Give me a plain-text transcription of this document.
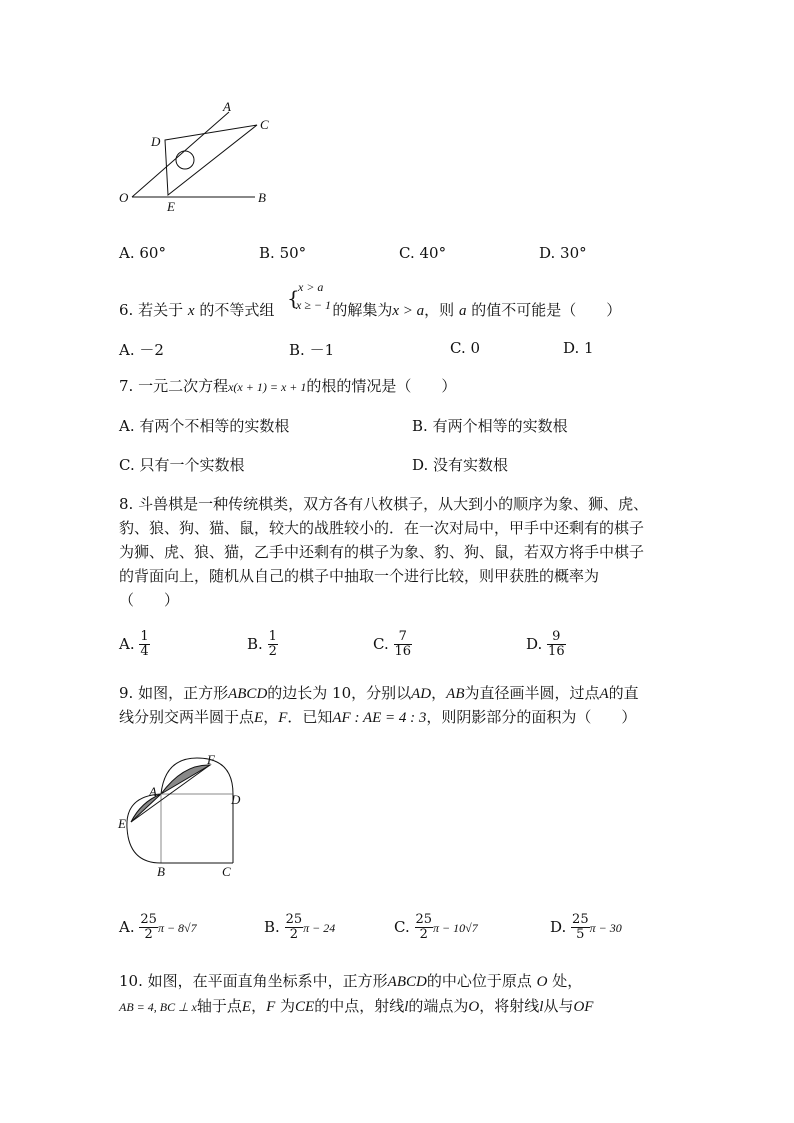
A
C
D
O
E
B
A. 60°	B. 50°	C. 40°	D. 30°
6. 若关于 x 的不等式组	的解集为x > a，则 a 的值不可能是（　　）
{
x > a
x ≥ − 1
A. －2	B. －1	C. 0	D. 1
7. 一元二次方程x(x + 1) = x + 1的根的情况是（　　）
A. 有两个不相等的实数根	B. 有两个相等的实数根
C. 只有一个实数根	D. 没有实数根
8. 斗兽棋是一种传统棋类，双方各有八枚棋子，从大到小的顺序为象、狮、虎、
豹、狼、狗、猫、鼠，较大的战胜较小的．在一次对局中，甲手中还剩有的棋子
为狮、虎、狼、猫，乙手中还剩有的棋子为象、豹、狗、鼠，若双方将手中棋子
的背面向上，随机从自己的棋子中抽取一个进行比较，则甲获胜的概率为
（　　）
A. $\frac{1}{4}$	B. $\frac{1}{2}$	C. $\frac{7}{16}$	D. $\frac{9}{16}$
9. 如图，正方形ABCD的边长为 10，分别以AD，AB为直径画半圆，过点A的直
线分别交两半圆于点E，F．已知AF : AE = 4 : 3，则阴影部分的面积为（　　）
F
A
D
E
B	C
A. $\frac{25}{2}$ π − 8√7	B. $\frac{25}{2}$ π − 24	C. $\frac{25}{2}$ π − 10√7	D. $\frac{25}{5}$ π − 30
10. 如图，在平面直角坐标系中，正方形ABCD的中心位于原点 O 处，
AB = 4, BC ⊥ x轴于点E，F 为CE的中点，射线l的端点为O，将射线l从与OF
